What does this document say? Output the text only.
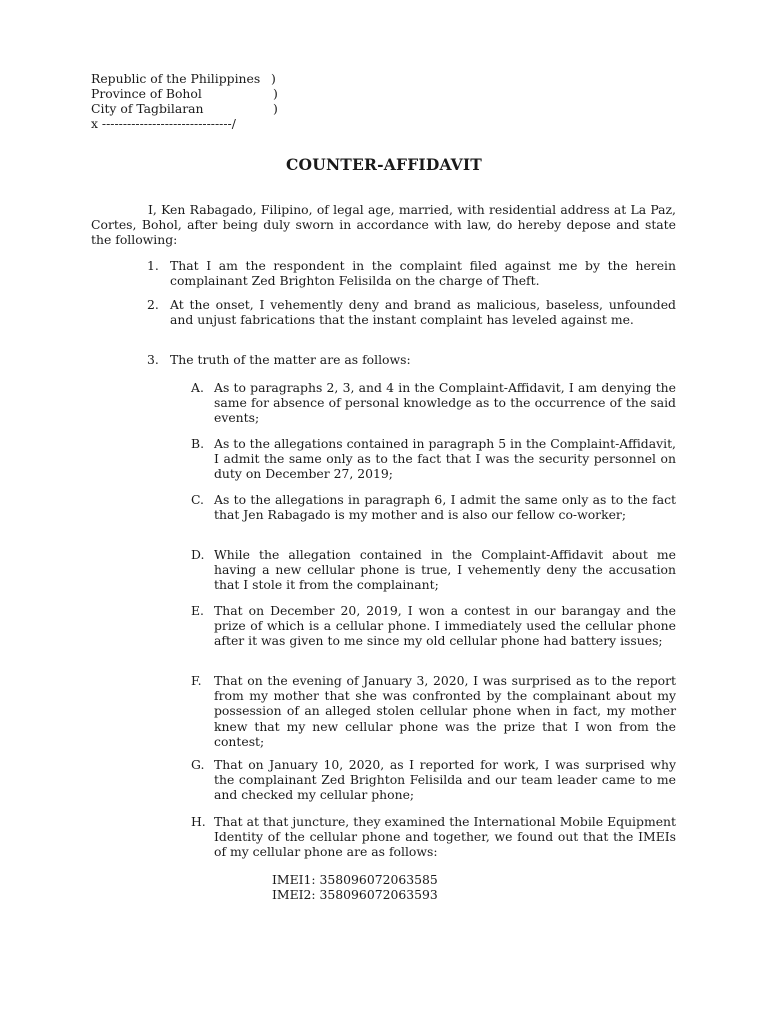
Republic of the Philippines )
Province of Bohol	)
City of Tagbilaran	)
x -------------------------------/
COUNTER-AFFIDAVIT
I, Ken Rabagado, Filipino, of legal age, married, with residential address at La Paz, Cortes, Bohol, after being duly sworn in accordance with law, do hereby depose and state the following:
1. That I am the respondent in the complaint filed against me by the herein complainant Zed Brighton Felisilda on the charge of Theft.
2. At the onset, I vehemently deny and brand as malicious, baseless, unfounded and unjust fabrications that the instant complaint has leveled against me.
3. The truth of the matter are as follows:
A. As to paragraphs 2, 3, and 4 in the Complaint-Affidavit, I am denying the same for absence of personal knowledge as to the occurrence of the said events;
B. As to the allegations contained in paragraph 5 in the Complaint-Affidavit, I admit the same only as to the fact that I was the security personnel on duty on December 27, 2019;
C. As to the allegations in paragraph 6, I admit the same only as to the fact that Jen Rabagado is my mother and is also our fellow co-worker;
D. While the allegation contained in the Complaint-Affidavit about me having a new cellular phone is true, I vehemently deny the accusation that I stole it from the complainant;
E. That on December 20, 2019, I won a contest in our barangay and the prize of which is a cellular phone. I immediately used the cellular phone after it was given to me since my old cellular phone had battery issues;
F. That on the evening of January 3, 2020, I was surprised as to the report from my mother that she was confronted by the complainant about my possession of an alleged stolen cellular phone when in fact, my mother knew that my new cellular phone was the prize that I won from the contest;
G. That on January 10, 2020, as I reported for work, I was surprised why the complainant Zed Brighton Felisilda and our team leader came to me and checked my cellular phone;
H. That at that juncture, they examined the International Mobile Equipment Identity of the cellular phone and together, we found out that the IMEIs of my cellular phone are as follows:
IMEI1: 358096072063585
IMEI2: 358096072063593
